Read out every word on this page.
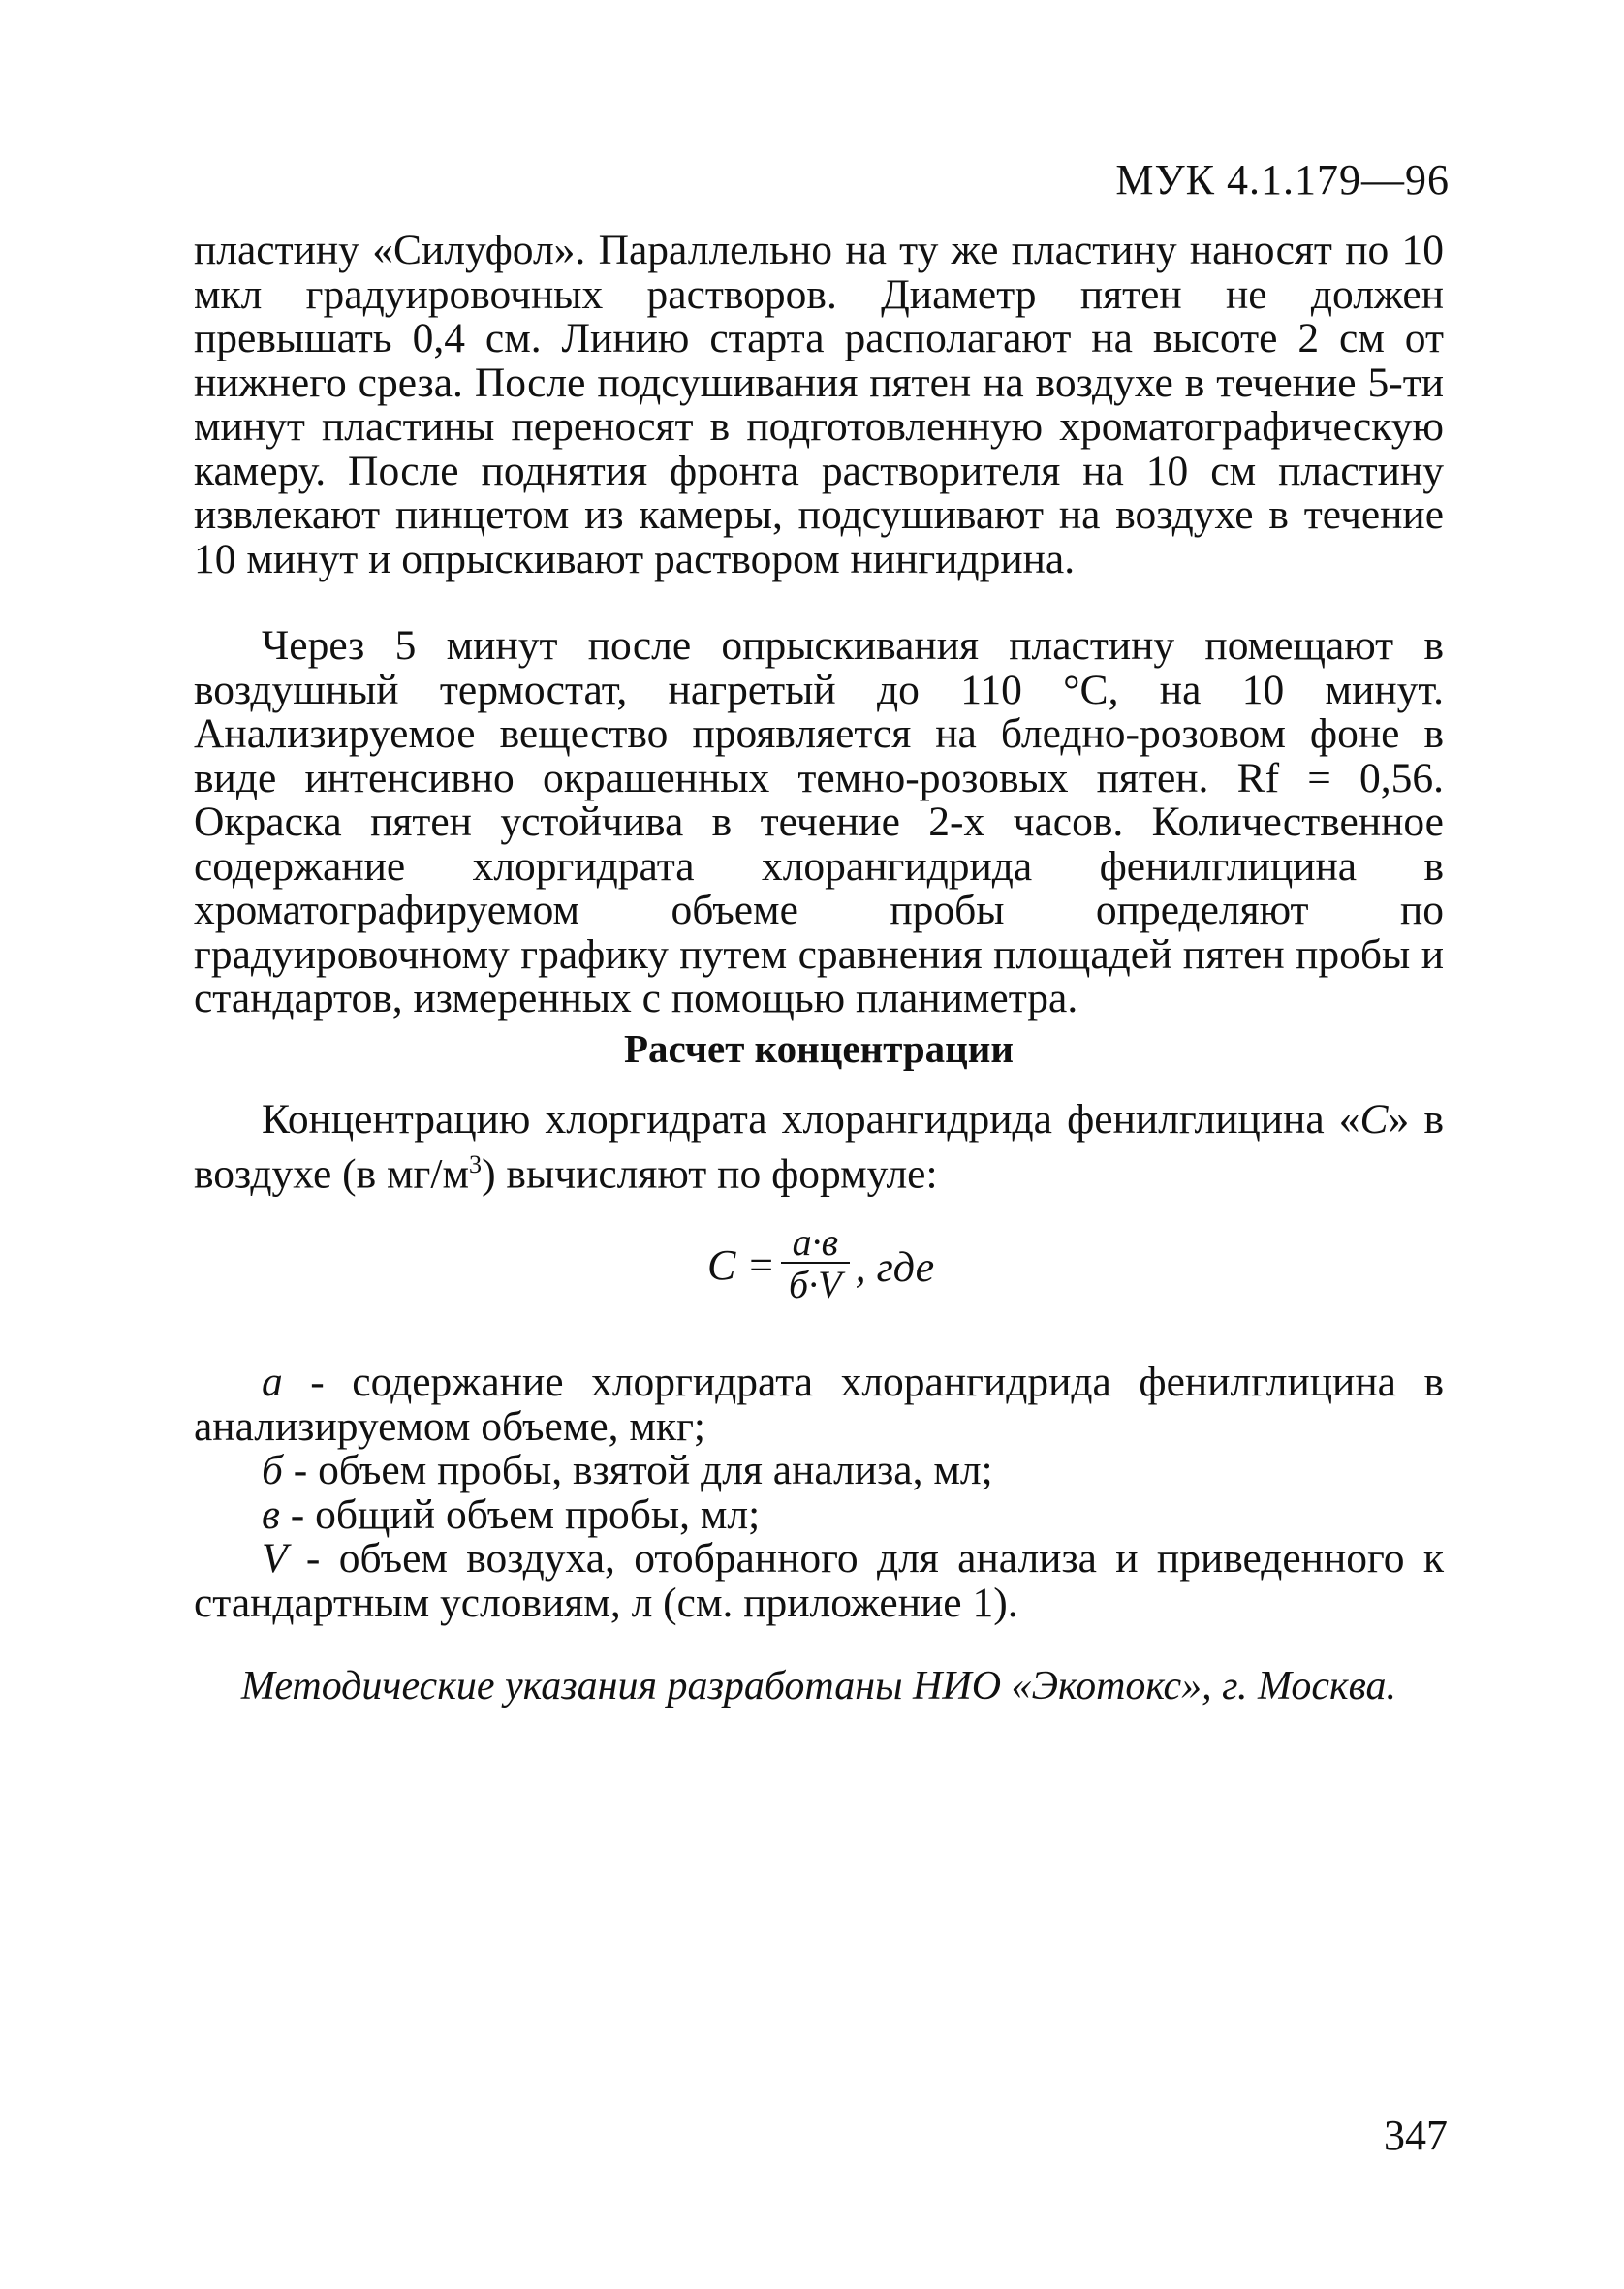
МУК 4.1.179—96

пластину «Силуфол». Параллельно на ту же пластину наносят по 10 мкл градуировочных растворов. Диаметр пятен не должен превышать 0,4 см. Линию старта располагают на высоте 2 см от нижнего среза. После подсушивания пятен на воздухе в течение 5-ти минут пластины переносят в подготовленную хроматографическую камеру. После поднятия фронта растворителя на 10 см пластину извлекают пинцетом из камеры, подсушивают на воздухе в течение 10 минут и опрыскивают раствором нингидрина.

Через 5 минут после опрыскивания пластину помещают в воздушный термостат, нагретый до 110 °С, на 10 минут. Анализируемое вещество проявляется на бледно-розовом фоне в виде интенсивно окрашенных темно-розовых пятен. Rf = 0,56. Окраска пятен устойчива в течение 2-х часов. Количественное содержание хлоргидрата хлорангидрида фенилглицина в хроматографируемом объеме пробы определяют по градуировочному графику путем сравнения площадей пятен пробы и стандартов, измеренных с помощью планиметра.

Расчет концентрации

Концентрацию хлоргидрата хлорангидрида фенилглицина «С» в воздухе (в $мг/м^3$) вычисляют по формуле:

$С = \frac{а\cdot в}{б\cdot V}$ , где

а - содержание хлоргидрата хлорангидрида фенилглицина в анализируемом объеме, мкг;

б - объем пробы, взятой для анализа, мл;

в - общий объем пробы, мл;

V - объем воздуха, отобранного для анализа и приведенного к стандартным условиям, л (см. приложение 1).

Методические указания разработаны НИО «Экотокс», г. Москва.
347
